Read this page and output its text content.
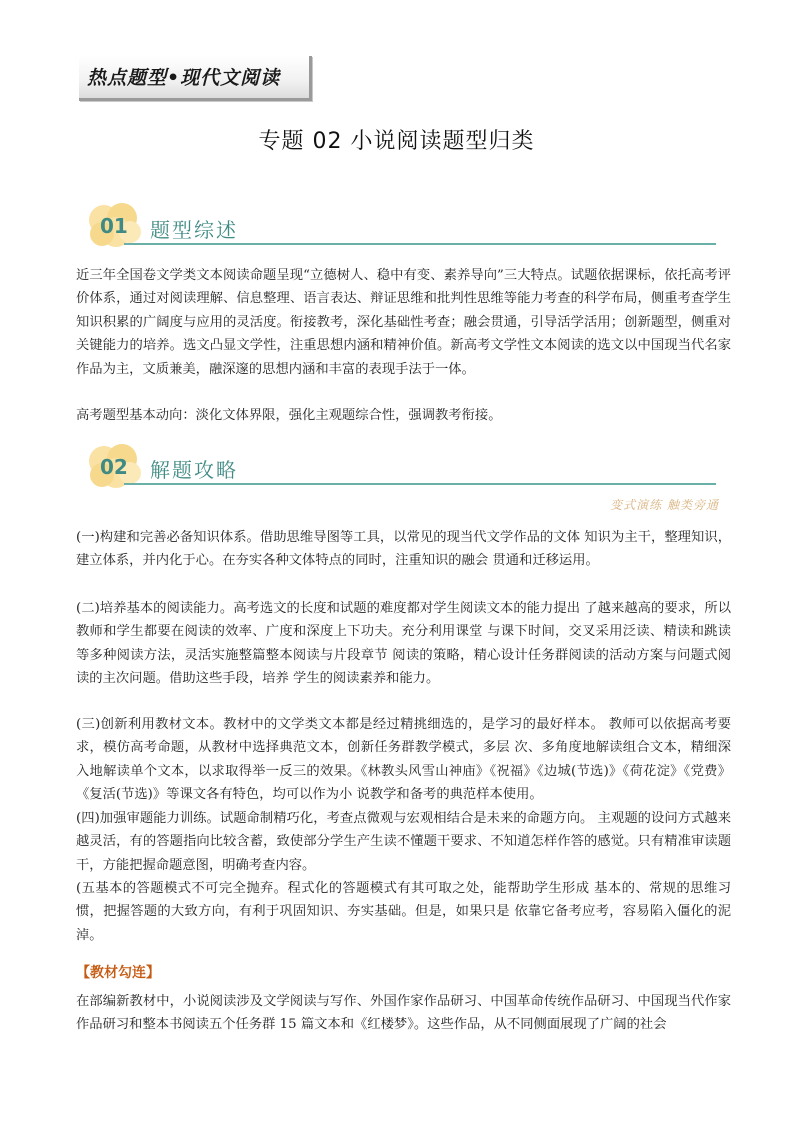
热点题型•现代文阅读
专题 02 小说阅读题型归类
01 题型综述
近三年全国卷文学类文本阅读命题呈现“立德树人、稳中有变、素养导向”三大特点。试题依据课标，依托高考评价体系，通过对阅读理解、信息整理、语言表达、辩证思维和批判性思维等能力考查的科学布局，侧重考查学生知识积累的广阔度与应用的灵活度。衔接教考，深化基础性考查；融会贯通，引导活学活用；创新题型，侧重对关键能力的培养。选文凸显文学性，注重思想内涵和精神价值。新高考文学性文本阅读的选文以中国现当代名家作品为主，文质兼美，融深邃的思想内涵和丰富的表现手法于一体。
高考题型基本动向：淡化文体界限，强化主观题综合性，强调教考衔接。
02 解题攻略
变式演练 触类旁通
(一)构建和完善必备知识体系。借助思维导图等工具，以常见的现当代文学作品的文体 知识为主干，整理知识，建立体系，并内化于心。在夯实各种文体特点的同时，注重知识的融会 贯通和迁移运用。
(二)培养基本的阅读能力。高考选文的长度和试题的难度都对学生阅读文本的能力提出 了越来越高的要求，所以教师和学生都要在阅读的效率、广度和深度上下功夫。充分利用课堂 与课下时间，交叉采用泛读、精读和跳读等多种阅读方法，灵活实施整篇整本阅读与片段章节 阅读的策略，精心设计任务群阅读的活动方案与问题式阅读的主次问题。借助这些手段，培养 学生的阅读素养和能力。
(三)创新利用教材文本。教材中的文学类文本都是经过精挑细选的，是学习的最好样本。 教师可以依据高考要求，模仿高考命题，从教材中选择典范文本，创新任务群教学模式，多层 次、多角度地解读组合文本，精细深入地解读单个文本，以求取得举一反三的效果。《林教头风雪山神庙》《祝福》《边城(节选)》《荷花淀》《党费》《复活(节选)》等课文各有特色，均可以作为小 说教学和备考的典范样本使用。
(四)加强审题能力训练。试题命制精巧化，考查点微观与宏观相结合是未来的命题方向。 主观题的设问方式越来越灵活，有的答题指向比较含蓄，致使部分学生产生读不懂题干要求、不知道怎样作答的感觉。只有精准审读题干，方能把握命题意图，明确考查内容。
(五基本的答题模式不可完全抛弃。程式化的答题模式有其可取之处，能帮助学生形成 基本的、常规的思维习惯，把握答题的大致方向，有利于巩固知识、夯实基础。但是，如果只是 依靠它备考应考，容易陷入僵化的泥淖。
【教材勾连】
在部编新教材中，小说阅读涉及文学阅读与写作、外国作家作品研习、中国革命传统作品研习、中国现当代作家作品研习和整本书阅读五个任务群 15 篇文本和《红楼梦》。这些作品，从不同侧面展现了广阔的社会
